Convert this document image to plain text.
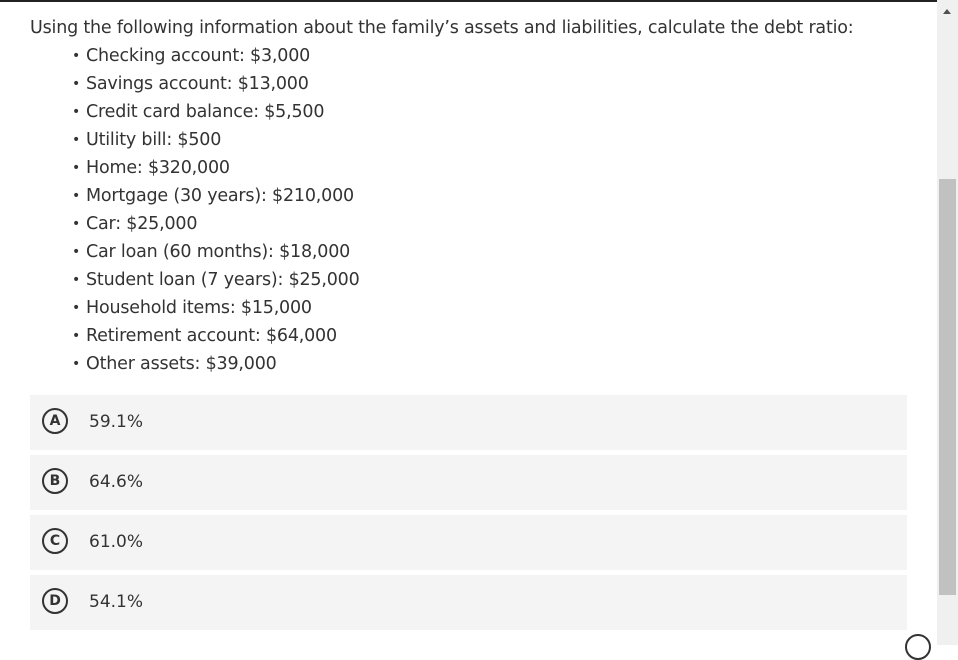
Using the following information about the family’s assets and liabilities, calculate the debt ratio:
• Checking account: $3,000
• Savings account: $13,000
• Credit card balance: $5,500
• Utility bill: $500
• Home: $320,000
• Mortgage (30 years): $210,000
• Car: $25,000
• Car loan (60 months): $18,000
• Student loan (7 years): $25,000
• Household items: $15,000
• Retirement account: $64,000
• Other assets: $39,000
A	59.1%
B	64.6%
C	61.0%
D	54.1%
